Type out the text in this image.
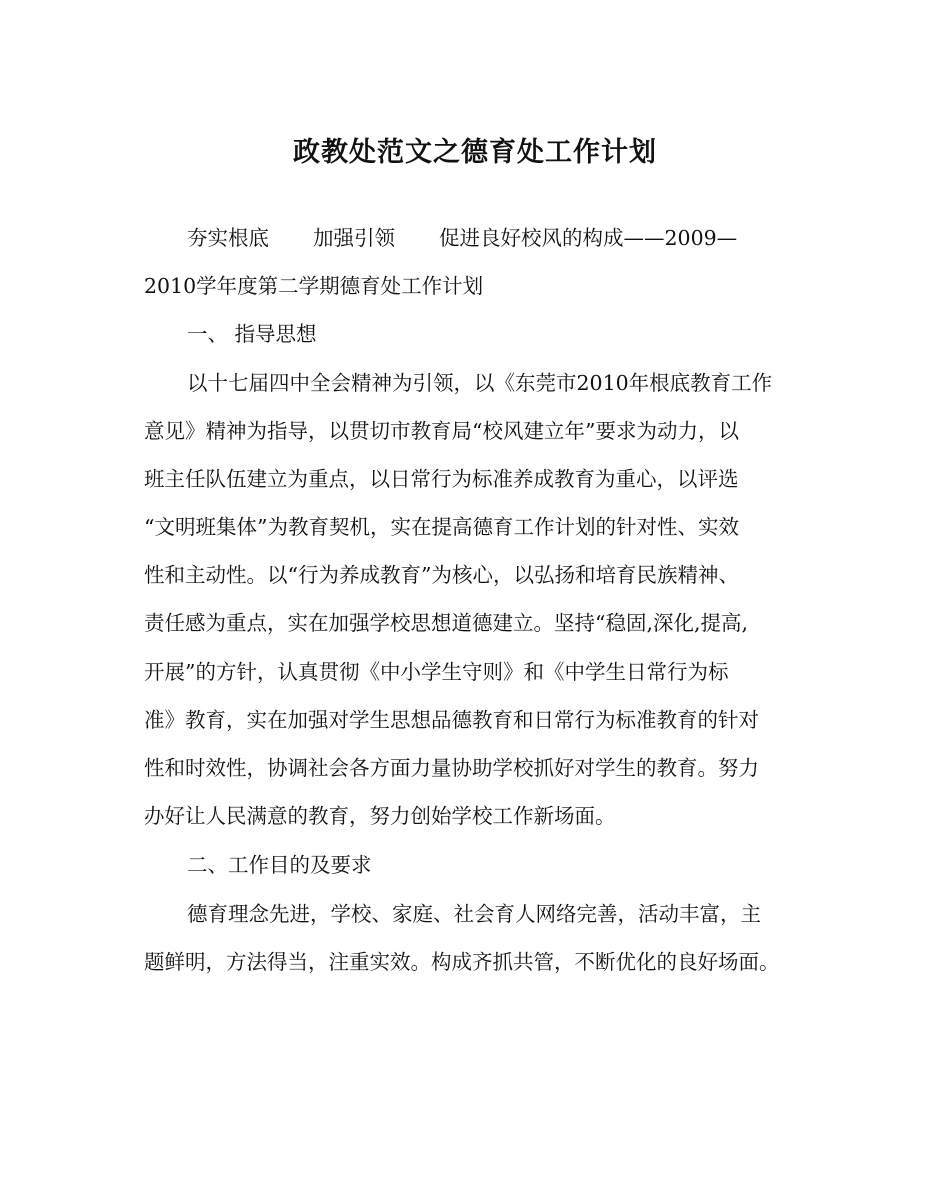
政教处范文之德育处工作计划
夯实根底 加强引领 促进良好校风的构成——2009—
2010学年度第二学期德育处工作计划
一、 指导思想
以十七届四中全会精神为引领，以《东莞市2010年根底教育工作
意见》精神为指导，以贯切市教育局“校风建立年”要求为动力，以
班主任队伍建立为重点，以日常行为标准养成教育为重心，以评选
“文明班集体”为教育契机，实在提高德育工作计划的针对性、实效
性和主动性。以“行为养成教育”为核心，以弘扬和培育民族精神、
责任感为重点，实在加强学校思想道德建立。坚持“稳固,深化,提高,
开展”的方针，认真贯彻《中小学生守则》和《中学生日常行为标
准》教育，实在加强对学生思想品德教育和日常行为标准教育的针对
性和时效性，协调社会各方面力量协助学校抓好对学生的教育。努力
办好让人民满意的教育，努力创始学校工作新场面。
二、工作目的及要求
德育理念先进，学校、家庭、社会育人网络完善，活动丰富，主
题鲜明，方法得当，注重实效。构成齐抓共管，不断优化的良好场面。
